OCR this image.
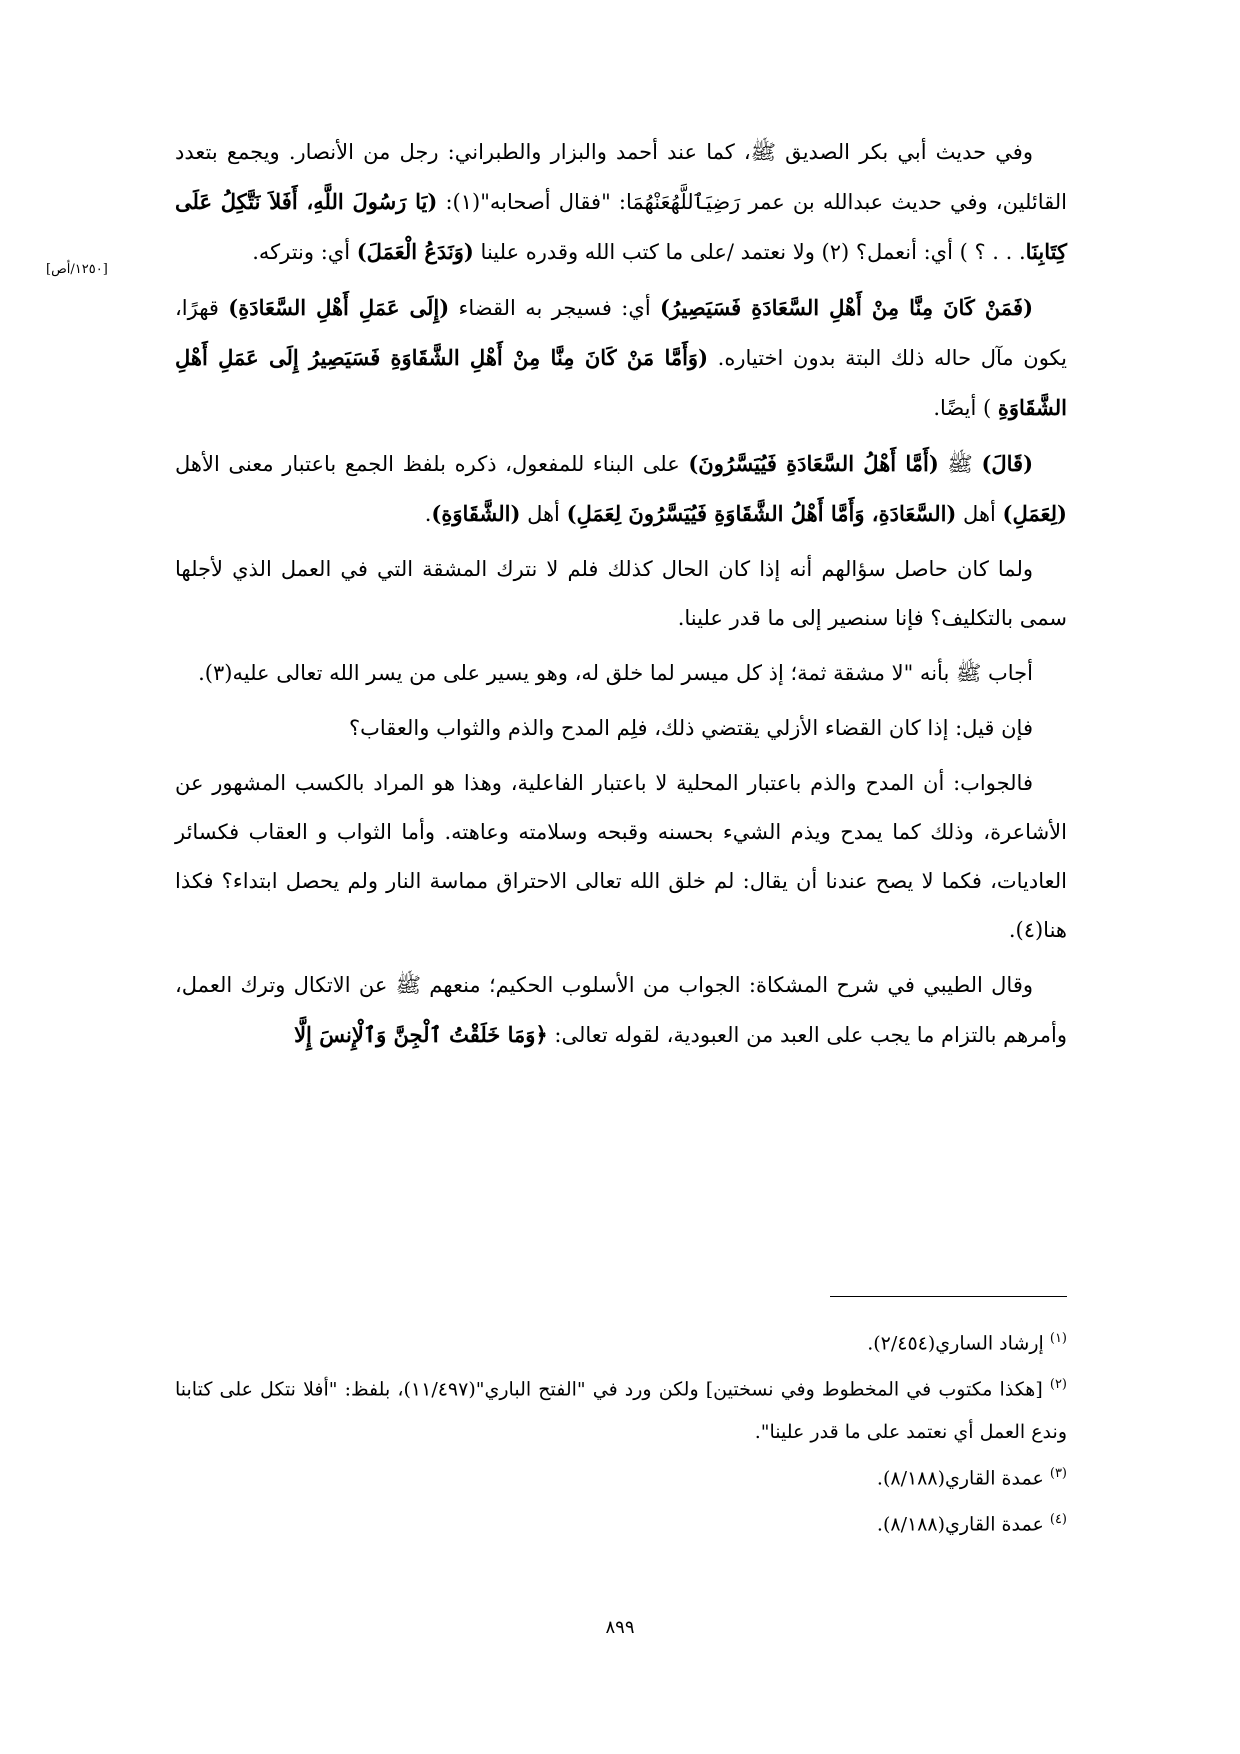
[١٢٥٠/أص]

وفي حديث أبي بكر الصديق ﷺ، كما عند أحمد والبزار والطبراني: رجل من الأنصار. ويجمع بتعدد القائلين، وفي حديث عبدالله بن عمر رَضِيَٱللَّهُعَنْهُمَا: "فقال أصحابه"(١): (يَا رَسُولَ اللَّهِ، أَفَلاَ نَتَّكِلُ عَلَى كِتَابِنَا. . . ؟ ) أي: أنعمل؟ (٢) ولا نعتمد /على ما كتب الله وقدره علينا (وَنَدَعُ الْعَمَلَ) أي: ونتركه.

(فَمَنْ كَانَ مِنَّا مِنْ أَهْلِ السَّعَادَةِ فَسَيَصِيرُ) أي: فسيجر به القضاء (إِلَى عَمَلِ أَهْلِ السَّعَادَةِ) قهرًا، يكون مآل حاله ذلك البتة بدون اختياره. (وَأَمَّا مَنْ كَانَ مِنَّا مِنْ أَهْلِ الشَّقَاوَةِ فَسَيَصِيرُ إِلَى عَمَلِ أَهْلِ الشَّقَاوَةِ ) أيضًا.

(قَالَ) ﷺ (أَمَّا أَهْلُ السَّعَادَةِ فَيُيَسَّرُونَ) على البناء للمفعول، ذكره بلفظ الجمع باعتبار معنى الأهل (لِعَمَلِ) أهل (السَّعَادَةِ، وَأَمَّا أَهْلُ الشَّقَاوَةِ فَيُيَسَّرُونَ لِعَمَلِ) أهل (الشَّقَاوَةِ).

ولما كان حاصل سؤالهم أنه إذا كان الحال كذلك فلم لا نترك المشقة التي في العمل الذي لأجلها سمى بالتكليف؟ فإنا سنصير إلى ما قدر علينا.

أجاب ﷺ بأنه "لا مشقة ثمة؛ إذ كل ميسر لما خلق له، وهو يسير على من يسر الله تعالى عليه(٣).

فإن قيل: إذا كان القضاء الأزلي يقتضي ذلك، فلِم المدح والذم والثواب والعقاب؟

فالجواب: أن المدح والذم باعتبار المحلية لا باعتبار الفاعلية، وهذا هو المراد بالكسب المشهور عن الأشاعرة، وذلك كما يمدح ويذم الشيء بحسنه وقبحه وسلامته وعاهته. وأما الثواب و العقاب فكسائر العاديات، فكما لا يصح عندنا أن يقال: لم خلق الله تعالى الاحتراق مماسة النار ولم يحصل ابتداء؟ فكذا هنا(٤).

وقال الطيبي في شرح المشكاة: الجواب من الأسلوب الحكيم؛ منعهم ﷺ عن الاتكال وترك العمل، وأمرهم بالتزام ما يجب على العبد من العبودية، لقوله تعالى: ﴿وَمَا خَلَقْتُ ٱلْجِنَّ وَٱلْإِنسَ إِلَّا

$^{(١)}$ إرشاد الساري(٢/٤٥٤).
$^{(٢)}$ [هكذا مكتوب في المخطوط وفي نسختين] ولكن ورد في "الفتح الباري"(١١/٤٩٧)، بلفظ: "أفلا نتكل على كتابنا وندع العمل أي نعتمد على ما قدر علينا".
$^{(٣)}$ عمدة القاري(٨/١٨٨).
$^{(٤)}$ عمدة القاري(٨/١٨٨).
٨٩٩
